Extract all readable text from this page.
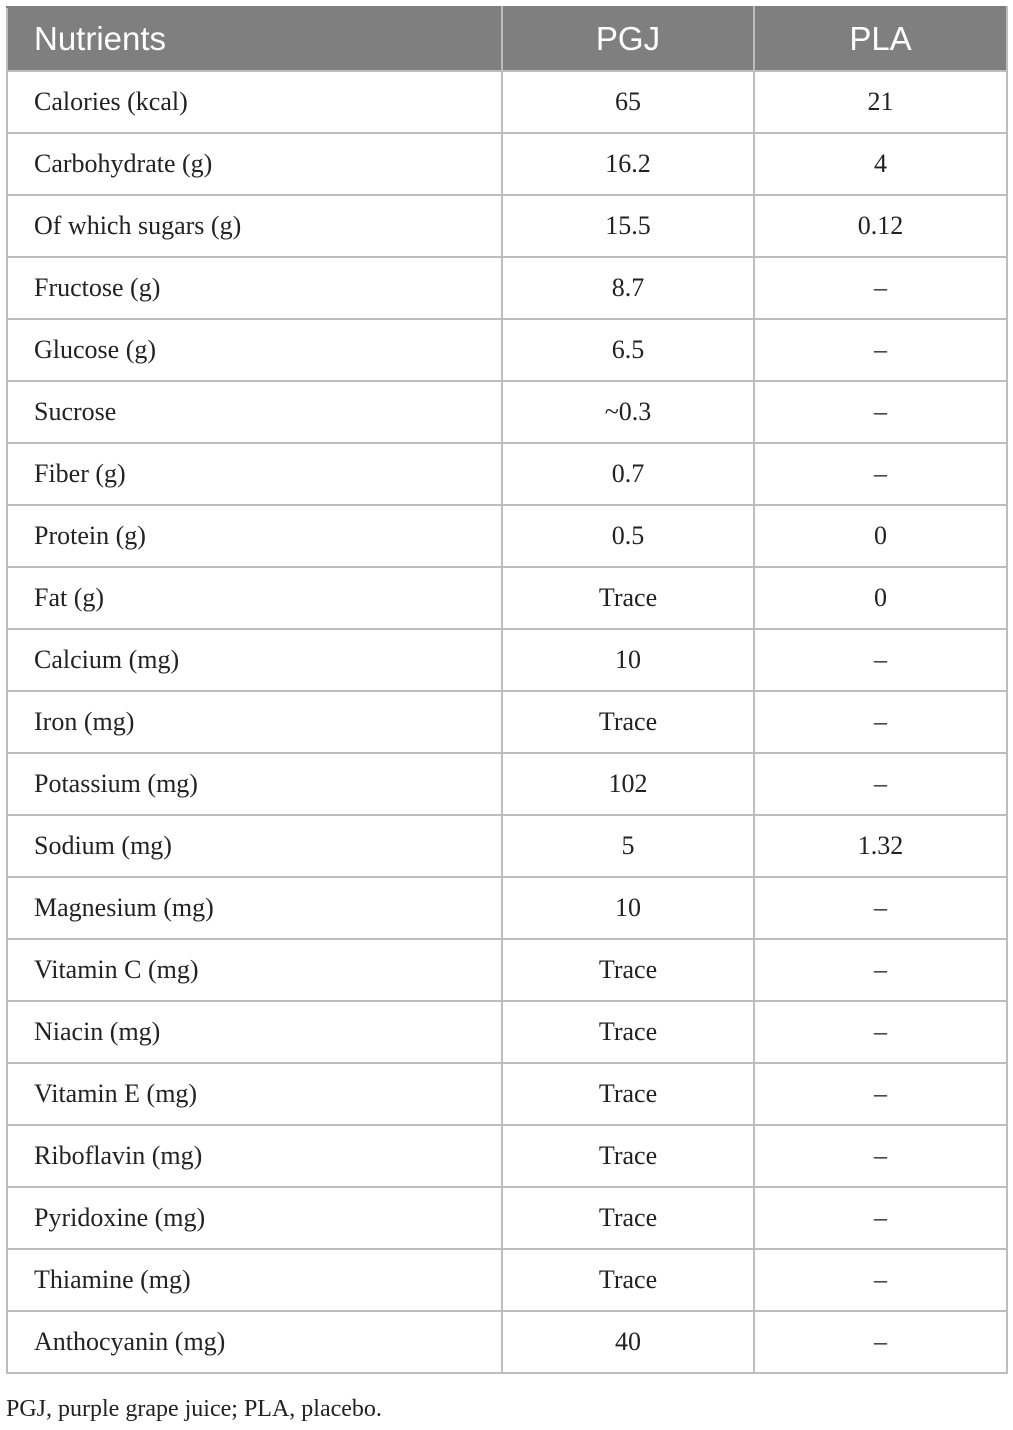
Nutrients	PGJ	PLA
Calories (kcal)	65	21
Carbohydrate (g)	16.2	4
Of which sugars (g)	15.5	0.12
Fructose (g)	8.7	–
Glucose (g)	6.5	–
Sucrose	~0.3	–
Fiber (g)	0.7	–
Protein (g)	0.5	0
Fat (g)	Trace	0
Calcium (mg)	10	–
Iron (mg)	Trace	–
Potassium (mg)	102	–
Sodium (mg)	5	1.32
Magnesium (mg)	10	–
Vitamin C (mg)	Trace	–
Niacin (mg)	Trace	–
Vitamin E (mg)	Trace	–
Riboflavin (mg)	Trace	–
Pyridoxine (mg)	Trace	–
Thiamine (mg)	Trace	–
Anthocyanin (mg)	40	–
PGJ, purple grape juice; PLA, placebo.
